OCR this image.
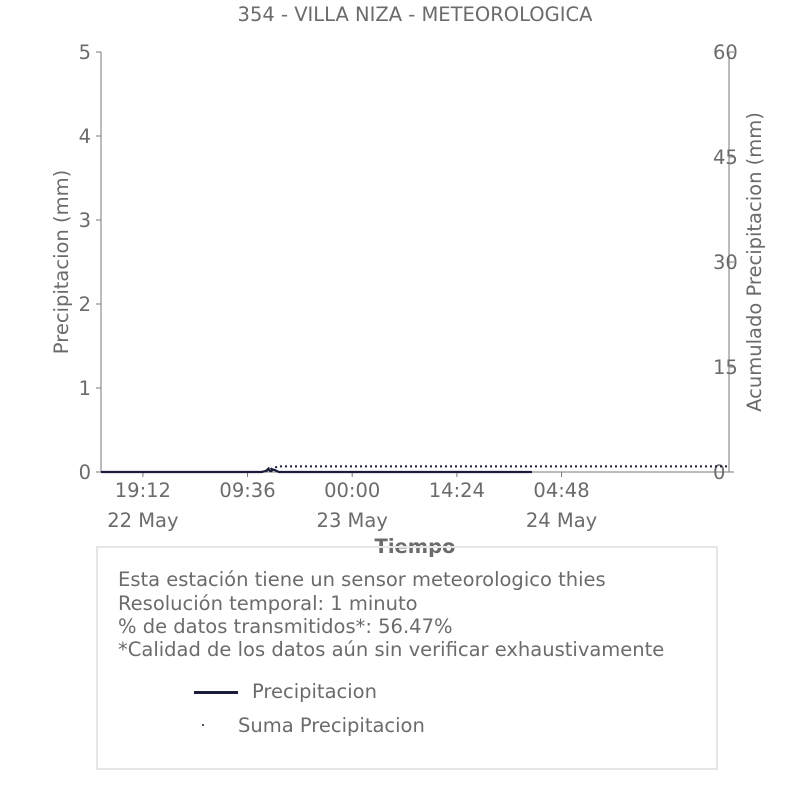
354 - VILLA NIZA - METEOROLOGICA
0
1
2
3
4
5
0
15
30
45
60
19:12
22 May
09:36 00:00
23 May
14:24 04:48
24 May
Precipitacion (mm)	Acumulado Precipitacion (mm)
Tiempo
Esta estación tiene un sensor meteorologico thies
Resolución temporal: 1 minuto
% de datos transmitidos*: 56.47%
*Calidad de los datos aún sin verificar exhaustivamente
Precipitacion
Suma Precipitacion
